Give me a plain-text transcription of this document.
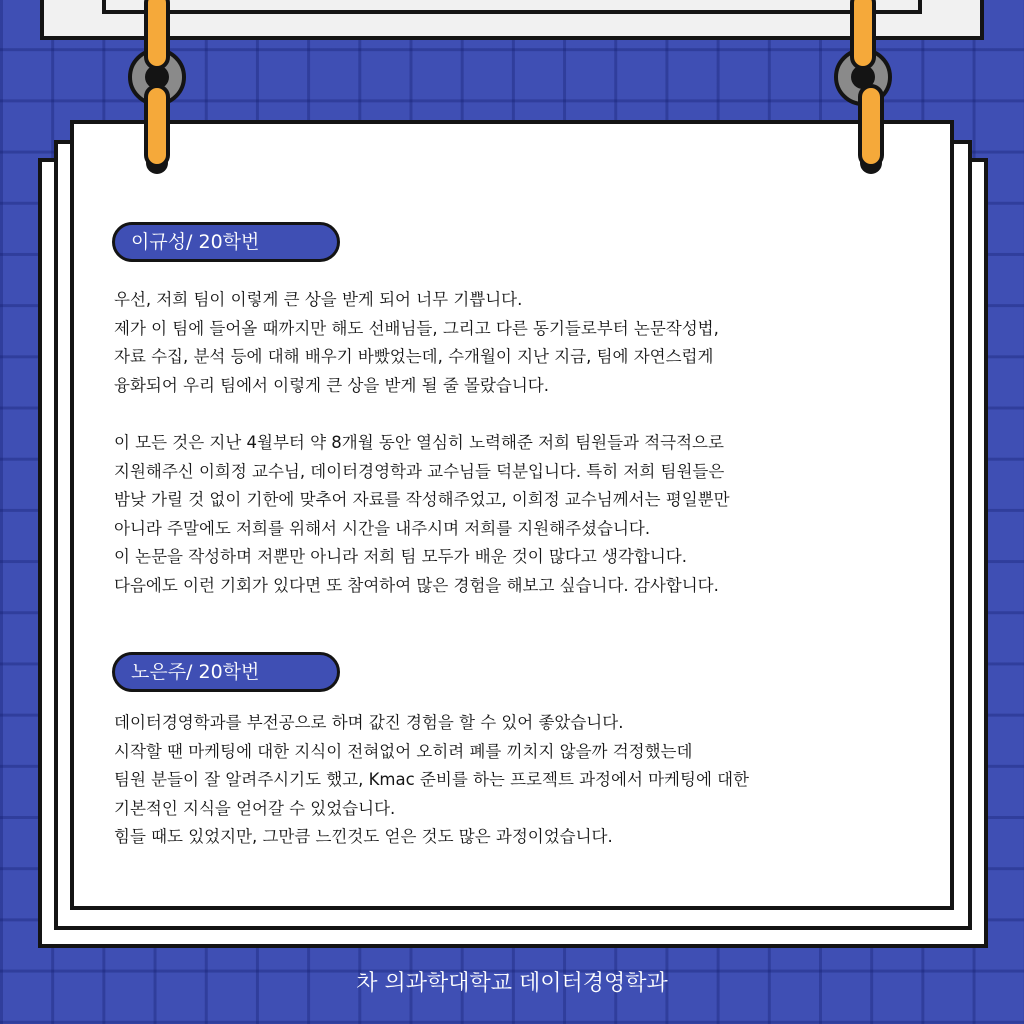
이규성/ 20학번

우선, 저희 팀이 이렇게 큰 상을 받게 되어 너무 기쁩니다.

제가 이 팀에 들어올 때까지만 해도 선배님들, 그리고 다른 동기들로부터 논문작성법,

자료 수집, 분석 등에 대해 배우기 바빴었는데, 수개월이 지난 지금, 팀에 자연스럽게

융화되어 우리 팀에서 이렇게 큰 상을 받게 될 줄 몰랐습니다.

이 모든 것은 지난 4월부터 약 8개월 동안 열심히 노력해준 저희 팀원들과 적극적으로

지원해주신 이희정 교수님, 데이터경영학과 교수님들 덕분입니다. 특히 저희 팀원들은

밤낮 가릴 것 없이 기한에 맞추어 자료를 작성해주었고, 이희정 교수님께서는 평일뿐만

아니라 주말에도 저희를 위해서 시간을 내주시며 저희를 지원해주셨습니다.

이 논문을 작성하며 저뿐만 아니라 저희 팀 모두가 배운 것이 많다고 생각합니다.

다음에도 이런 기회가 있다면 또 참여하여 많은 경험을 해보고 싶습니다. 감사합니다.

노은주/ 20학번

데이터경영학과를 부전공으로 하며 값진 경험을 할 수 있어 좋았습니다.

시작할 땐 마케팅에 대한 지식이 전혀없어 오히려 폐를 끼치지 않을까 걱정했는데

팀원 분들이 잘 알려주시기도 했고, Kmac 준비를 하는 프로젝트 과정에서 마케팅에 대한

기본적인 지식을 얻어갈 수 있었습니다.

힘들 때도 있었지만, 그만큼 느낀것도 얻은 것도 많은 과정이었습니다.

차 의과학대학교 데이터경영학과
